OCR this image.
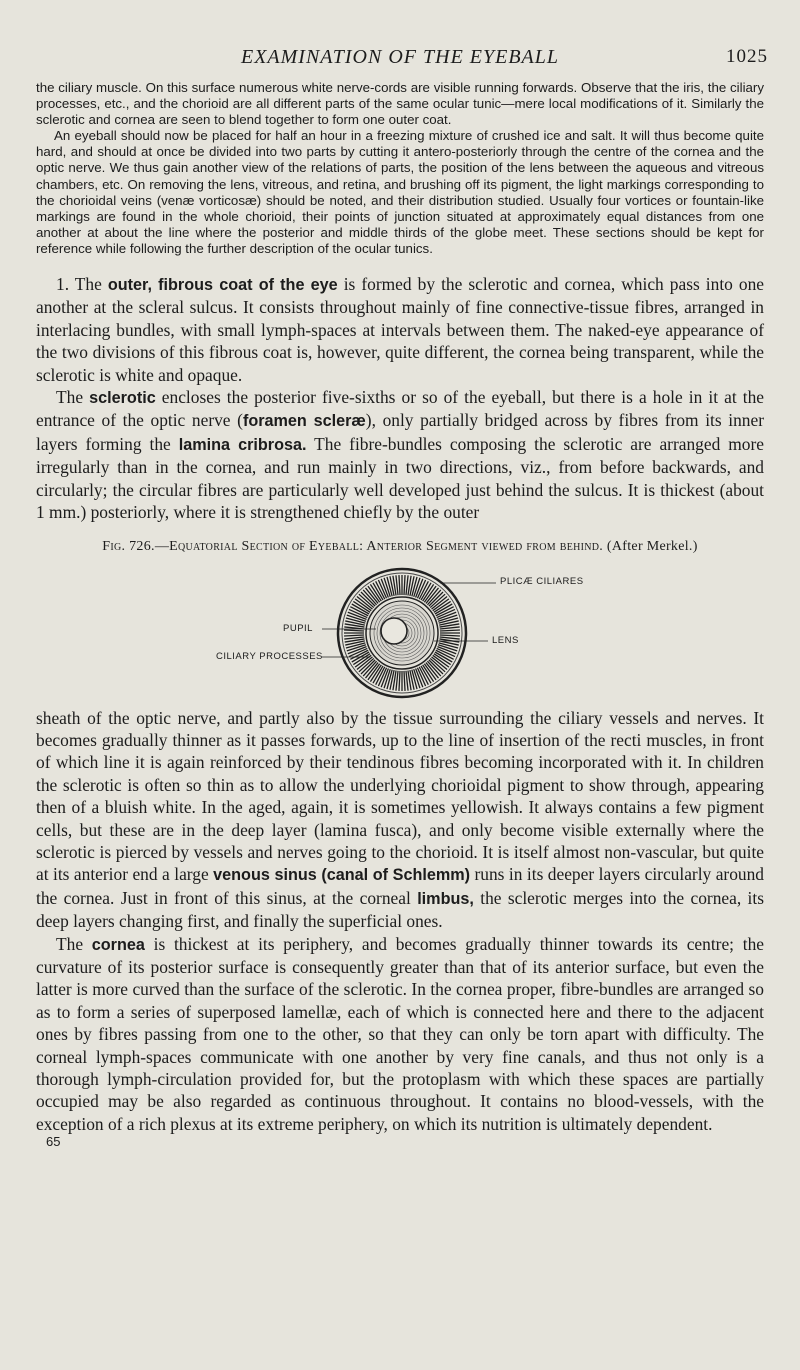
EXAMINATION OF THE EYEBALL	1025

the ciliary muscle. On this surface numerous white nerve-cords are visible running forwards. Observe that the iris, the ciliary processes, etc., and the chorioid are all different parts of the same ocular tunic—mere local modifications of it. Similarly the sclerotic and cornea are seen to blend together to form one outer coat.

An eyeball should now be placed for half an hour in a freezing mixture of crushed ice and salt. It will thus become quite hard, and should at once be divided into two parts by cutting it antero-posteriorly through the centre of the cornea and the optic nerve. We thus gain another view of the relations of parts, the position of the lens between the aqueous and vitreous chambers, etc. On removing the lens, vitreous, and retina, and brushing off its pigment, the light markings corresponding to the chorioidal veins (venæ vorticosæ) should be noted, and their distribution studied. Usually four vortices or fountain-like markings are found in the whole chorioid, their points of junction situated at approximately equal distances from one another at about the line where the posterior and middle thirds of the globe meet. These sections should be kept for reference while following the further description of the ocular tunics.

1. The outer, fibrous coat of the eye is formed by the sclerotic and cornea, which pass into one another at the scleral sulcus. It consists throughout mainly of fine connective-tissue fibres, arranged in interlacing bundles, with small lymph-spaces at intervals between them. The naked-eye appearance of the two divisions of this fibrous coat is, however, quite different, the cornea being transparent, while the sclerotic is white and opaque.

The sclerotic encloses the posterior five-sixths or so of the eyeball, but there is a hole in it at the entrance of the optic nerve (foramen scleræ), only partially bridged across by fibres from its inner layers forming the lamina cribrosa. The fibre-bundles composing the sclerotic are arranged more irregularly than in the cornea, and run mainly in two directions, viz., from before backwards, and circularly; the circular fibres are particularly well developed just behind the sulcus. It is thickest (about 1 mm.) posteriorly, where it is strengthened chiefly by the outer

Fig. 726.—Equatorial Section of Eyeball: Anterior Segment viewed from behind. (After Merkel.)
PLICÆ CILIARES
PUPIL
LENS
CILIARY PROCESSES

sheath of the optic nerve, and partly also by the tissue surrounding the ciliary vessels and nerves. It becomes gradually thinner as it passes forwards, up to the line of insertion of the recti muscles, in front of which line it is again reinforced by their tendinous fibres becoming incorporated with it. In children the sclerotic is often so thin as to allow the underlying chorioidal pigment to show through, appearing then of a bluish white. In the aged, again, it is sometimes yellowish. It always contains a few pigment cells, but these are in the deep layer (lamina fusca), and only become visible externally where the sclerotic is pierced by vessels and nerves going to the chorioid. It is itself almost non-vascular, but quite at its anterior end a large venous sinus (canal of Schlemm) runs in its deeper layers circularly around the cornea. Just in front of this sinus, at the corneal limbus, the sclerotic merges into the cornea, its deep layers changing first, and finally the superficial ones.

The cornea is thickest at its periphery, and becomes gradually thinner towards its centre; the curvature of its posterior surface is consequently greater than that of its anterior surface, but even the latter is more curved than the surface of the sclerotic. In the cornea proper, fibre-bundles are arranged so as to form a series of superposed lamellæ, each of which is connected here and there to the adjacent ones by fibres passing from one to the other, so that they can only be torn apart with difficulty. The corneal lymph-spaces communicate with one another by very fine canals, and thus not only is a thorough lymph-circulation provided for, but the protoplasm with which these spaces are partially occupied may be also regarded as continuous throughout. It contains no blood-vessels, with the exception of a rich plexus at its extreme periphery, on which its nutrition is ultimately dependent.

65
